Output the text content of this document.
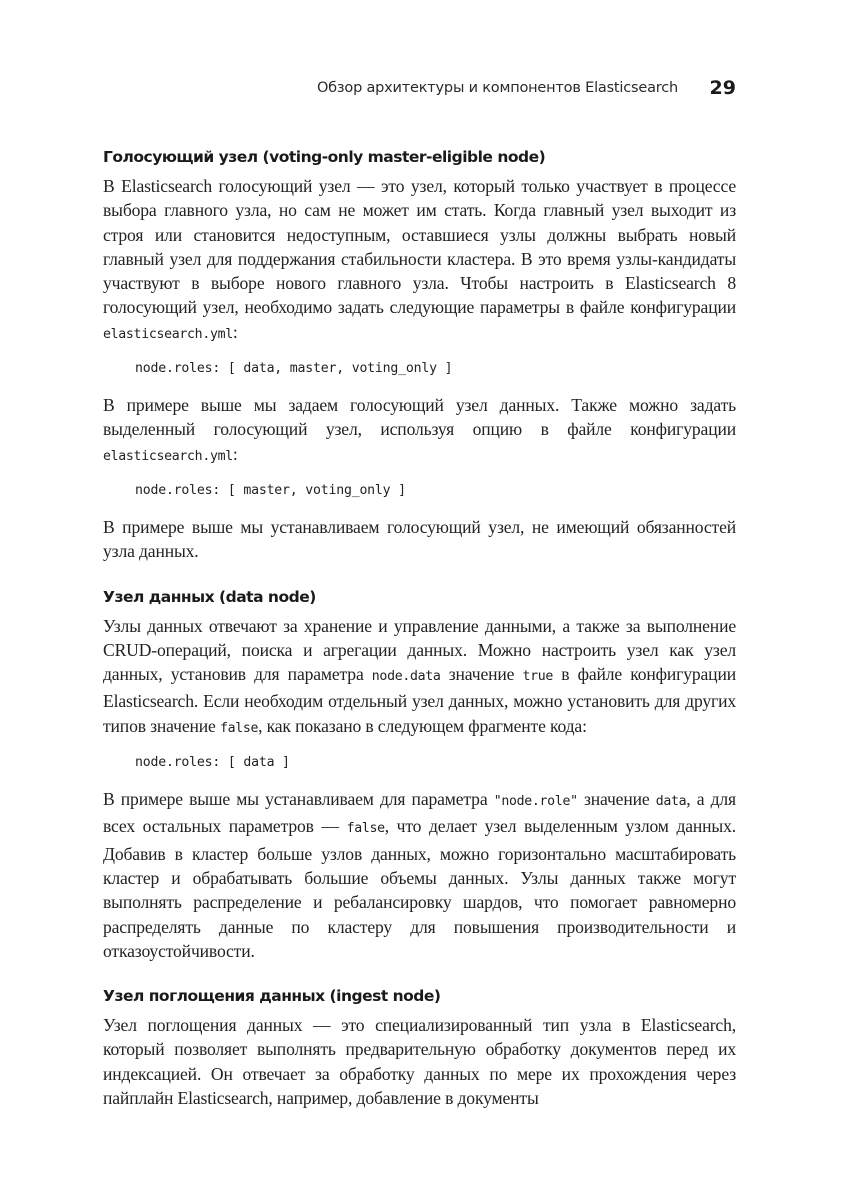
Обзор архитектуры и компонентов Elasticsearch 29
Голосующий узел (voting-only master-eligible node)

В Elasticsearch голосующий узел — это узел, который только участвует в процессе выбора главного узла, но сам не может им стать. Когда главный узел выходит из строя или становится недоступным, оставшиеся узлы должны выбрать новый главный узел для поддержания стабильности кластера. В это время узлы-кандидаты участвуют в выборе нового главного узла. Чтобы настроить в Elasticsearch 8 голосующий узел, необходимо задать следующие параметры в файле конфигурации elasticsearch.yml:

node.roles: [ data, master, voting_only ]

В примере выше мы задаем голосующий узел данных. Также можно задать выделенный голосующий узел, используя опцию в файле конфигурации elasticsearch.yml:

node.roles: [ master, voting_only ]

В примере выше мы устанавливаем голосующий узел, не имеющий обязанностей узла данных.

Узел данных (data node)

Узлы данных отвечают за хранение и управление данными, а также за выполнение CRUD-операций, поиска и агрегации данных. Можно настроить узел как узел данных, установив для параметра node.data значение true в файле конфигурации Elasticsearch. Если необходим отдельный узел данных, можно установить для других типов значение false, как показано в следующем фрагменте кода:

node.roles: [ data ]

В примере выше мы устанавливаем для параметра "node.role" значение data, а для всех остальных параметров — false, что делает узел выделенным узлом данных. Добавив в кластер больше узлов данных, можно горизонтально масштабировать кластер и обрабатывать большие объемы данных. Узлы данных также могут выполнять распределение и ребалансировку шардов, что помогает равномерно распределять данные по кластеру для повышения производительности и отказоустойчивости.

Узел поглощения данных (ingest node)

Узел поглощения данных — это специализированный тип узла в Elasticsearch, который позволяет выполнять предварительную обработку документов перед их индексацией. Он отвечает за обработку данных по мере их прохождения через пайплайн Elasticsearch, например, добавление в документы
